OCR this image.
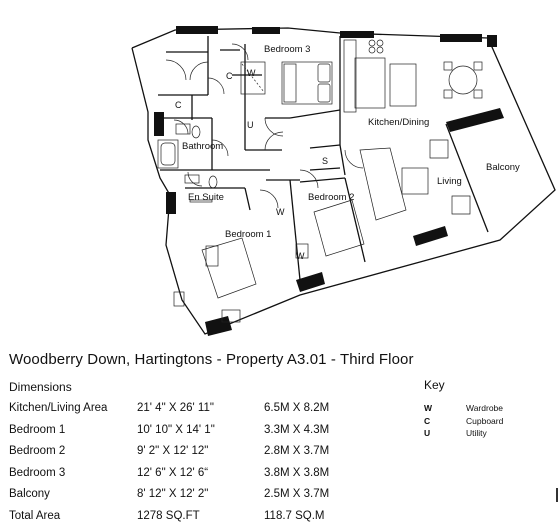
Bedroom 3
Kitchen/Dining
Bathroom
En Suite	Bedroom 2
Living
Balcony
Bedroom 1
C
C
W
U
S
W
W
Woodberry Down, Hartingtons - Property A3.01 - Third Floor
Dimensions
Kitchen/Living Area	21' 4" X 26' 11"	6.5M X 8.2M
Bedroom 1	10' 10" X 14' 1"	3.3M X 4.3M
Bedroom 2	9' 2" X 12' 12"	2.8M X 3.7M
Bedroom 3	12' 6" X 12' 6“	3.8M X 3.8M
Balcony	8' 12" X 12' 2"	2.5M X 3.7M
Total Area	1278 SQ.FT	118.7 SQ.M
Key
W	Wardrobe
C	Cupboard
U	Utility
